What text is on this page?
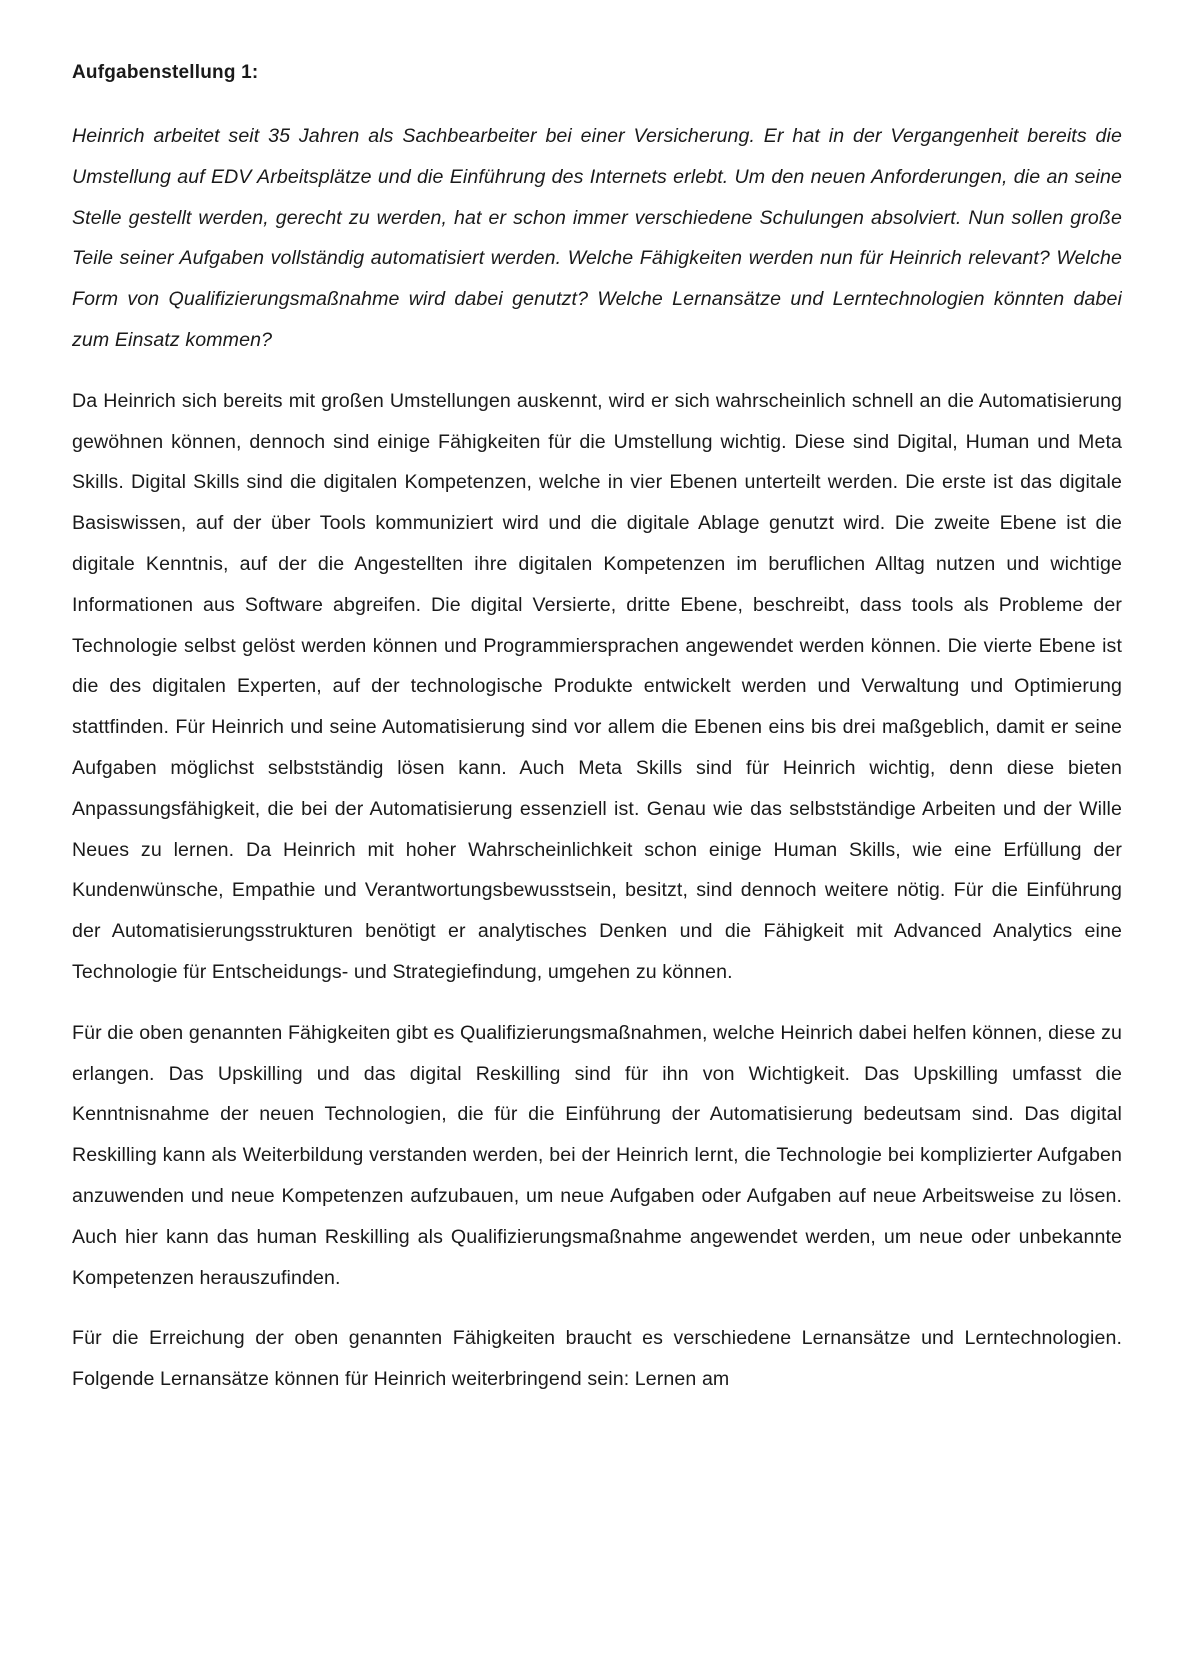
Aufgabenstellung 1:

Heinrich arbeitet seit 35 Jahren als Sachbearbeiter bei einer Versicherung. Er hat in der Vergangenheit bereits die Umstellung auf EDV Arbeitsplätze und die Einführung des Internets erlebt. Um den neuen Anforderungen, die an seine Stelle gestellt werden, gerecht zu werden, hat er schon immer verschiedene Schulungen absolviert. Nun sollen große Teile seiner Aufgaben vollständig automatisiert werden. Welche Fähigkeiten werden nun für Heinrich relevant? Welche Form von Qualifizierungsmaßnahme wird dabei genutzt? Welche Lernansätze und Lerntechnologien könnten dabei zum Einsatz kommen?

Da Heinrich sich bereits mit großen Umstellungen auskennt, wird er sich wahrscheinlich schnell an die Automatisierung gewöhnen können, dennoch sind einige Fähigkeiten für die Umstellung wichtig. Diese sind Digital, Human und Meta Skills. Digital Skills sind die digitalen Kompetenzen, welche in vier Ebenen unterteilt werden. Die erste ist das digitale Basiswissen, auf der über Tools kommuniziert wird und die digitale Ablage genutzt wird. Die zweite Ebene ist die digitale Kenntnis, auf der die Angestellten ihre digitalen Kompetenzen im beruflichen Alltag nutzen und wichtige Informationen aus Software abgreifen. Die digital Versierte, dritte Ebene, beschreibt, dass tools als Probleme der Technologie selbst gelöst werden können und Programmiersprachen angewendet werden können. Die vierte Ebene ist die des digitalen Experten, auf der technologische Produkte entwickelt werden und Verwaltung und Optimierung stattfinden. Für Heinrich und seine Automatisierung sind vor allem die Ebenen eins bis drei maßgeblich, damit er seine Aufgaben möglichst selbstständig lösen kann. Auch Meta Skills sind für Heinrich wichtig, denn diese bieten Anpassungsfähigkeit, die bei der Automatisierung essenziell ist. Genau wie das selbstständige Arbeiten und der Wille Neues zu lernen. Da Heinrich mit hoher Wahrscheinlichkeit schon einige Human Skills, wie eine Erfüllung der Kundenwünsche, Empathie und Verantwortungsbewusstsein, besitzt, sind dennoch weitere nötig. Für die Einführung der Automatisierungsstrukturen benötigt er analytisches Denken und die Fähigkeit mit Advanced Analytics eine Technologie für Entscheidungs- und Strategiefindung, umgehen zu können.

Für die oben genannten Fähigkeiten gibt es Qualifizierungsmaßnahmen, welche Heinrich dabei helfen können, diese zu erlangen. Das Upskilling und das digital Reskilling sind für ihn von Wichtigkeit. Das Upskilling umfasst die Kenntnisnahme der neuen Technologien, die für die Einführung der Automatisierung bedeutsam sind. Das digital Reskilling kann als Weiterbildung verstanden werden, bei der Heinrich lernt, die Technologie bei komplizierter Aufgaben anzuwenden und neue Kompetenzen aufzubauen, um neue Aufgaben oder Aufgaben auf neue Arbeitsweise zu lösen. Auch hier kann das human Reskilling als Qualifizierungsmaßnahme angewendet werden, um neue oder unbekannte Kompetenzen herauszufinden.

Für die Erreichung der oben genannten Fähigkeiten braucht es verschiedene Lernansätze und Lerntechnologien. Folgende Lernansätze können für Heinrich weiterbringend sein: Lernen am
